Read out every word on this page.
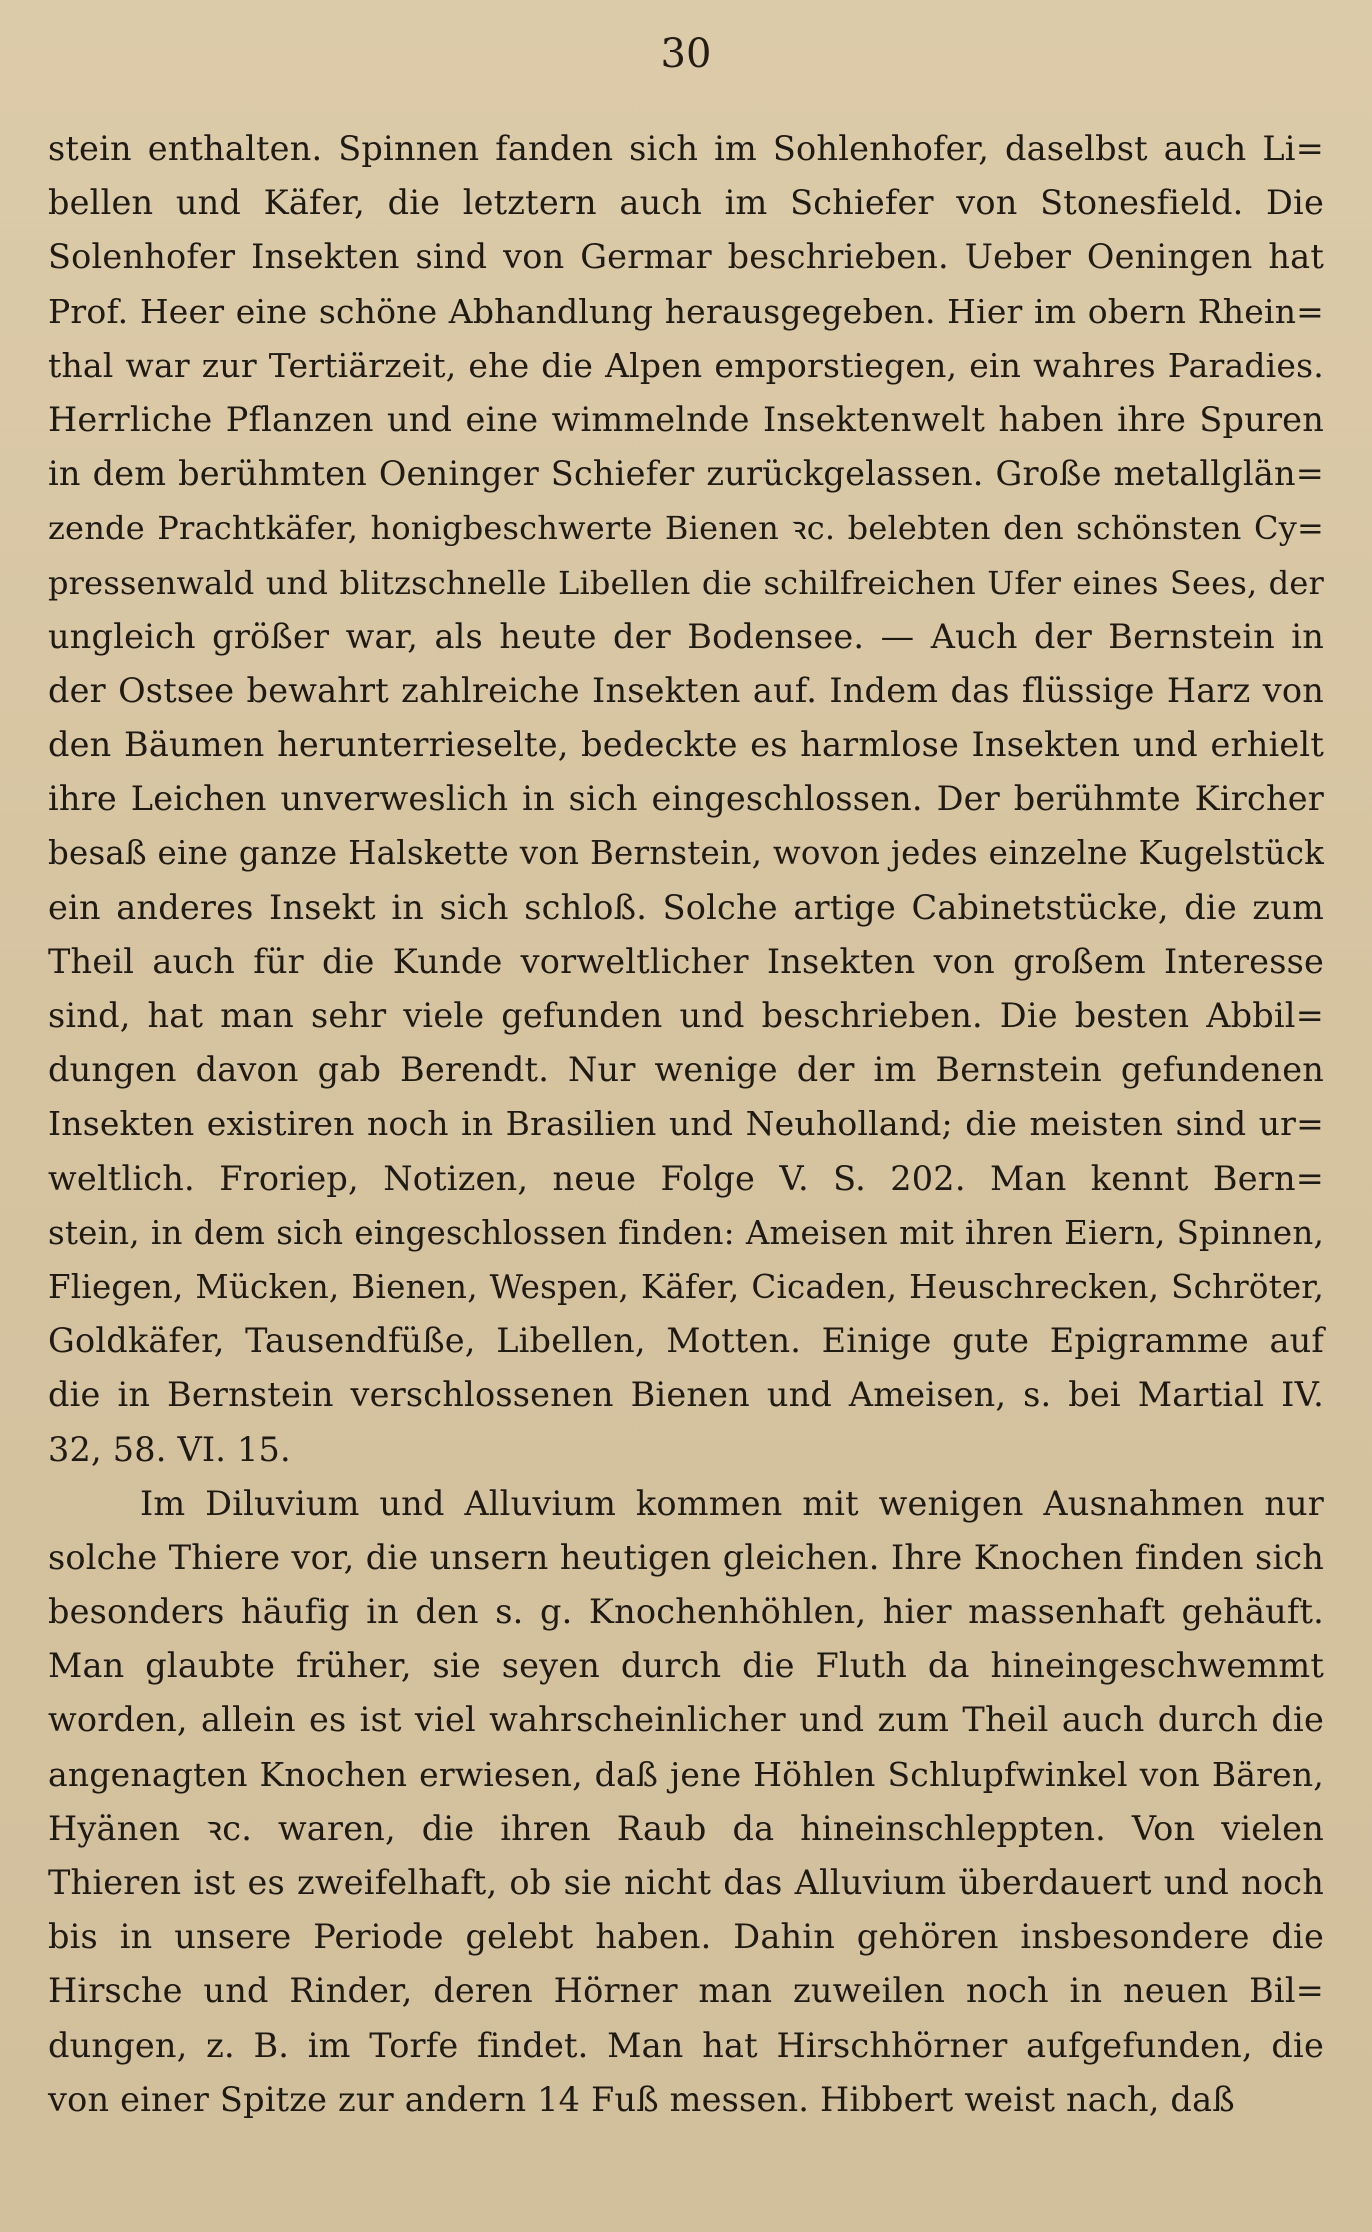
30
stein enthalten. Spinnen fanden sich im Sohlenhofer, daselbst auch Li=
bellen und Käfer, die letztern auch im Schiefer von Stonesfield. Die
Solenhofer Insekten sind von Germar beschrieben. Ueber Oeningen hat
Prof. Heer eine schöne Abhandlung herausgegeben. Hier im obern Rhein=
thal war zur Tertiärzeit, ehe die Alpen emporstiegen, ein wahres Paradies.
Herrliche Pflanzen und eine wimmelnde Insektenwelt haben ihre Spuren
in dem berühmten Oeninger Schiefer zurückgelassen. Große metallglän=
zende Prachtkäfer, honigbeschwerte Bienen ꝛc. belebten den schönsten Cy=
pressenwald und blitzschnelle Libellen die schilfreichen Ufer eines Sees, der
ungleich größer war, als heute der Bodensee. — Auch der Bernstein in
der Ostsee bewahrt zahlreiche Insekten auf. Indem das flüssige Harz von
den Bäumen herunterrieselte, bedeckte es harmlose Insekten und erhielt
ihre Leichen unverweslich in sich eingeschlossen. Der berühmte Kircher
besaß eine ganze Halskette von Bernstein, wovon jedes einzelne Kugelstück
ein anderes Insekt in sich schloß. Solche artige Cabinetstücke, die zum
Theil auch für die Kunde vorweltlicher Insekten von großem Interesse
sind, hat man sehr viele gefunden und beschrieben. Die besten Abbil=
dungen davon gab Berendt. Nur wenige der im Bernstein gefundenen
Insekten existiren noch in Brasilien und Neuholland; die meisten sind ur=
weltlich. Froriep, Notizen, neue Folge V. S. 202. Man kennt Bern=
stein, in dem sich eingeschlossen finden: Ameisen mit ihren Eiern, Spinnen,
Fliegen, Mücken, Bienen, Wespen, Käfer, Cicaden, Heuschrecken, Schröter,
Goldkäfer, Tausendfüße, Libellen, Motten. Einige gute Epigramme auf
die in Bernstein verschlossenen Bienen und Ameisen, s. bei Martial IV.
32, 58. VI. 15.
Im Diluvium und Alluvium kommen mit wenigen Ausnahmen nur
solche Thiere vor, die unsern heutigen gleichen. Ihre Knochen finden sich
besonders häufig in den s. g. Knochenhöhlen, hier massenhaft gehäuft.
Man glaubte früher, sie seyen durch die Fluth da hineingeschwemmt
worden, allein es ist viel wahrscheinlicher und zum Theil auch durch die
angenagten Knochen erwiesen, daß jene Höhlen Schlupfwinkel von Bären,
Hyänen ꝛc. waren, die ihren Raub da hineinschleppten. Von vielen
Thieren ist es zweifelhaft, ob sie nicht das Alluvium überdauert und noch
bis in unsere Periode gelebt haben. Dahin gehören insbesondere die
Hirsche und Rinder, deren Hörner man zuweilen noch in neuen Bil=
dungen, z. B. im Torfe findet. Man hat Hirschhörner aufgefunden, die
von einer Spitze zur andern 14 Fuß messen. Hibbert weist nach, daß
